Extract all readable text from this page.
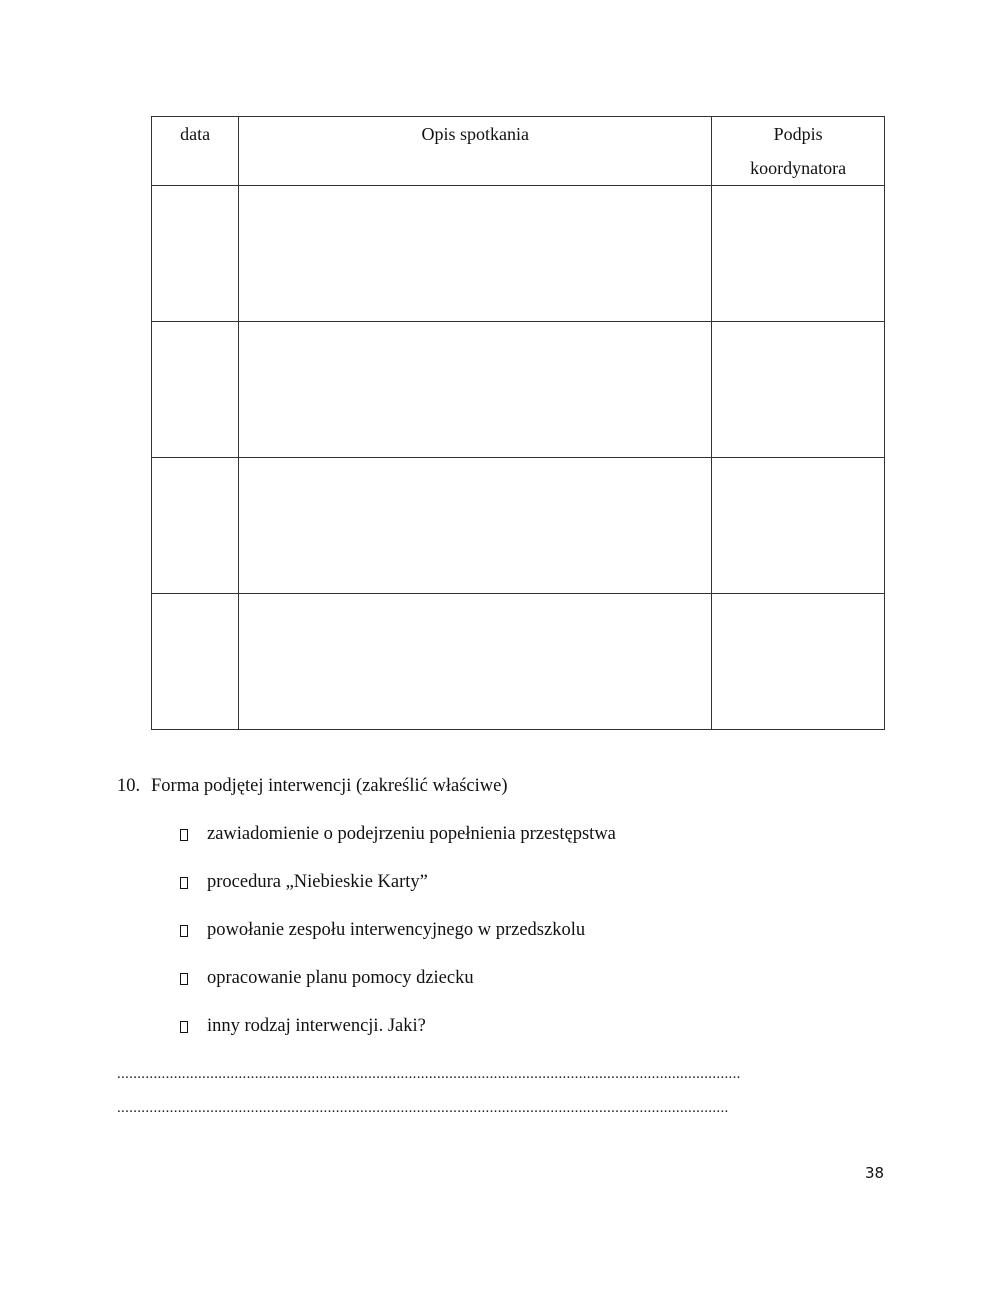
data	Opis spotkania	Podpis
koordynatora

10. Forma podjętej interwencji (zakreślić właściwe)
zawiadomienie o podejrzeniu popełnienia przestępstwa
procedura „Niebieskie Karty”
powołanie zespołu interwencyjnego w przedszkolu
opracowanie planu pomocy dziecku
inny rodzaj interwencji. Jaki?
..........................................................................................................................................................
.......................................................................................................................................................
38
